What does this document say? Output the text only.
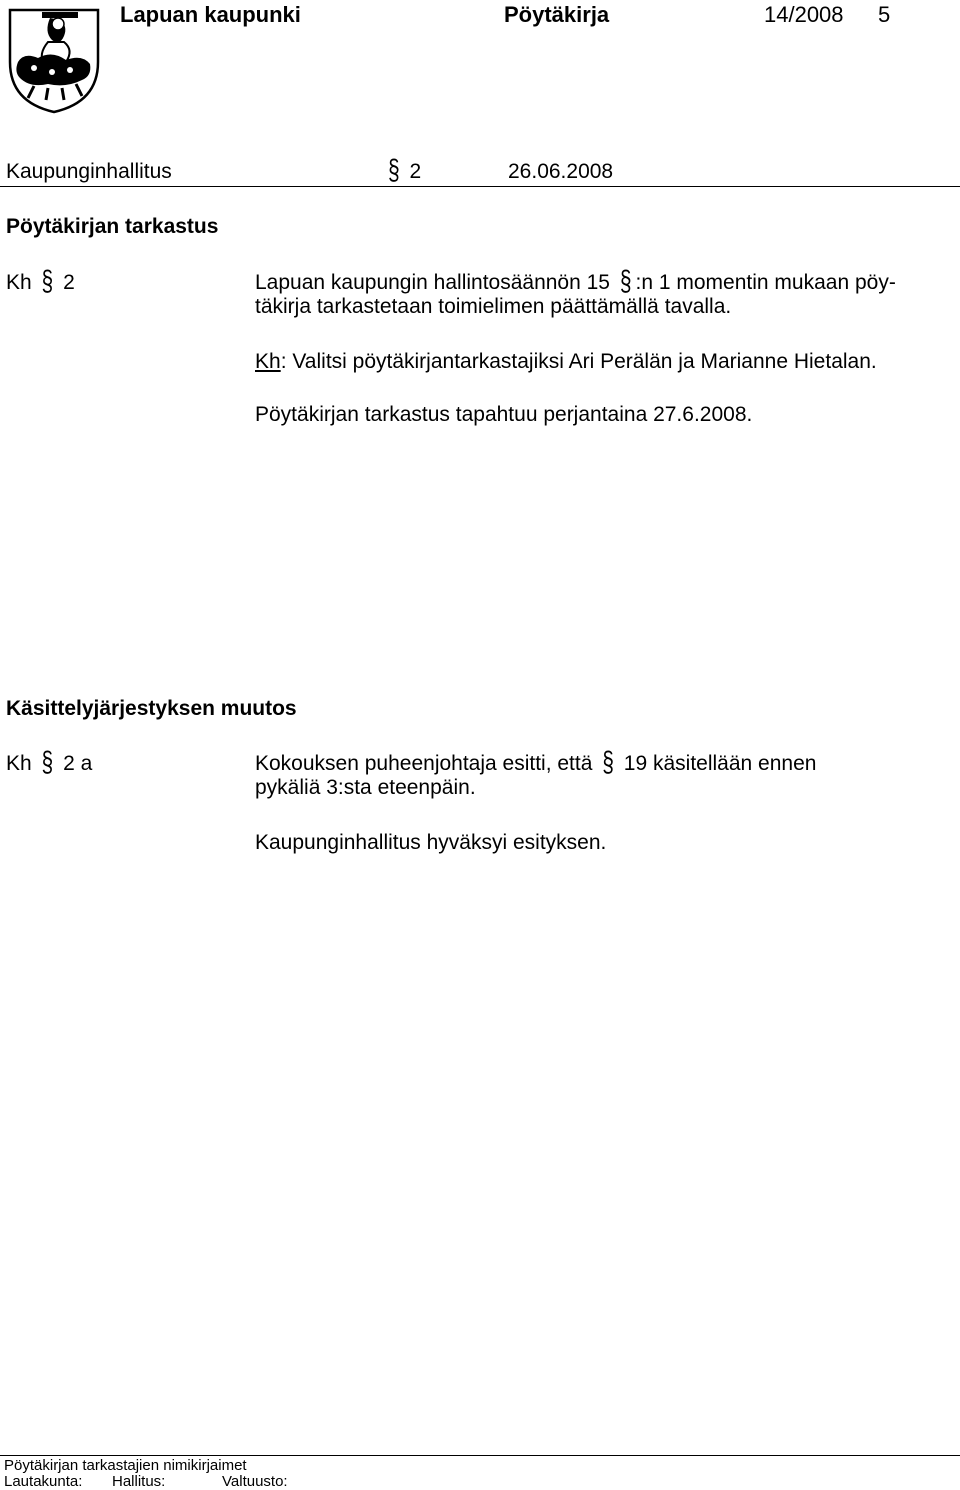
Lapuan kaupunki	Pöytäkirja	14/2008 5
Kaupunginhallitus	§ 2	26.06.2008
Pöytäkirjan tarkastus
Kh § 2	Lapuan kaupungin hallintosäännön 15 § :n 1 momentin mukaan pöy-
täkirja tarkastetaan toimielimen päättämällä tavalla.
Kh: Valitsi pöytäkirjantarkastajiksi Ari Perälän ja Marianne Hietalan.
Pöytäkirjan tarkastus tapahtuu perjantaina 27.6.2008.
Käsittelyjärjestyksen muutos
Kh § 2 a	Kokouksen puheenjohtaja esitti, että § 19 käsitellään ennen
pykäliä 3:sta eteenpäin.
Kaupunginhallitus hyväksyi esityksen.
Pöytäkirjan tarkastajien nimikirjaimet
Lautakunta: Hallitus:	Valtuusto:
